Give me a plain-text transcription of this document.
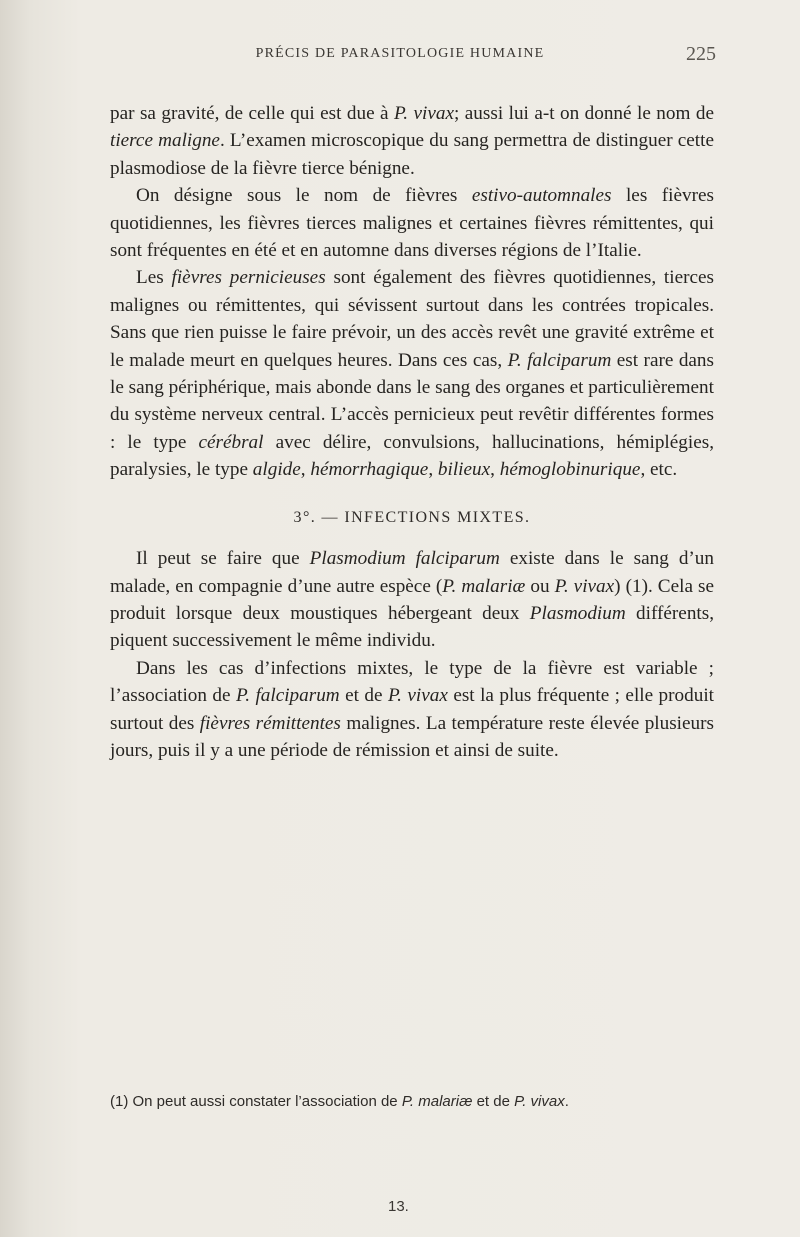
PRÉCIS DE PARASITOLOGIE HUMAINE	225

par sa gravité, de celle qui est due à P. vivax; aussi lui a-t on donné le nom de tierce maligne. L’examen microscopique du sang permettra de distinguer cette plasmodiose de la fièvre tierce bénigne.

On désigne sous le nom de fièvres estivo-automnales les fièvres quotidiennes, les fièvres tierces malignes et certaines fièvres rémittentes, qui sont fréquentes en été et en automne dans diverses régions de l’Italie.

Les fièvres pernicieuses sont également des fièvres quotidiennes, tierces malignes ou rémittentes, qui sévissent surtout dans les contrées tropicales. Sans que rien puisse le faire prévoir, un des accès revêt une gravité extrême et le malade meurt en quelques heures. Dans ces cas, P. falciparum est rare dans le sang périphérique, mais abonde dans le sang des organes et particulièrement du système nerveux central. L’accès pernicieux peut revêtir différentes formes : le type cérébral avec délire, convulsions, hallucinations, hémiplégies, paralysies, le type algide, hémorrhagique, bilieux, hémoglobinurique, etc.

3°. — INFECTIONS MIXTES.

Il peut se faire que Plasmodium falciparum existe dans le sang d’un malade, en compagnie d’une autre espèce (P. malariæ ou P. vivax) (1). Cela se produit lorsque deux moustiques hébergeant deux Plasmodium différents, piquent successivement le même individu.

Dans les cas d’infections mixtes, le type de la fièvre est variable ; l’association de P. falciparum et de P. vivax est la plus fréquente ; elle produit surtout des fièvres rémittentes malignes. La température reste élevée plusieurs jours, puis il y a une période de rémission et ainsi de suite.

(1) On peut aussi constater l’association de P. malariæ et de P. vivax.
13.
